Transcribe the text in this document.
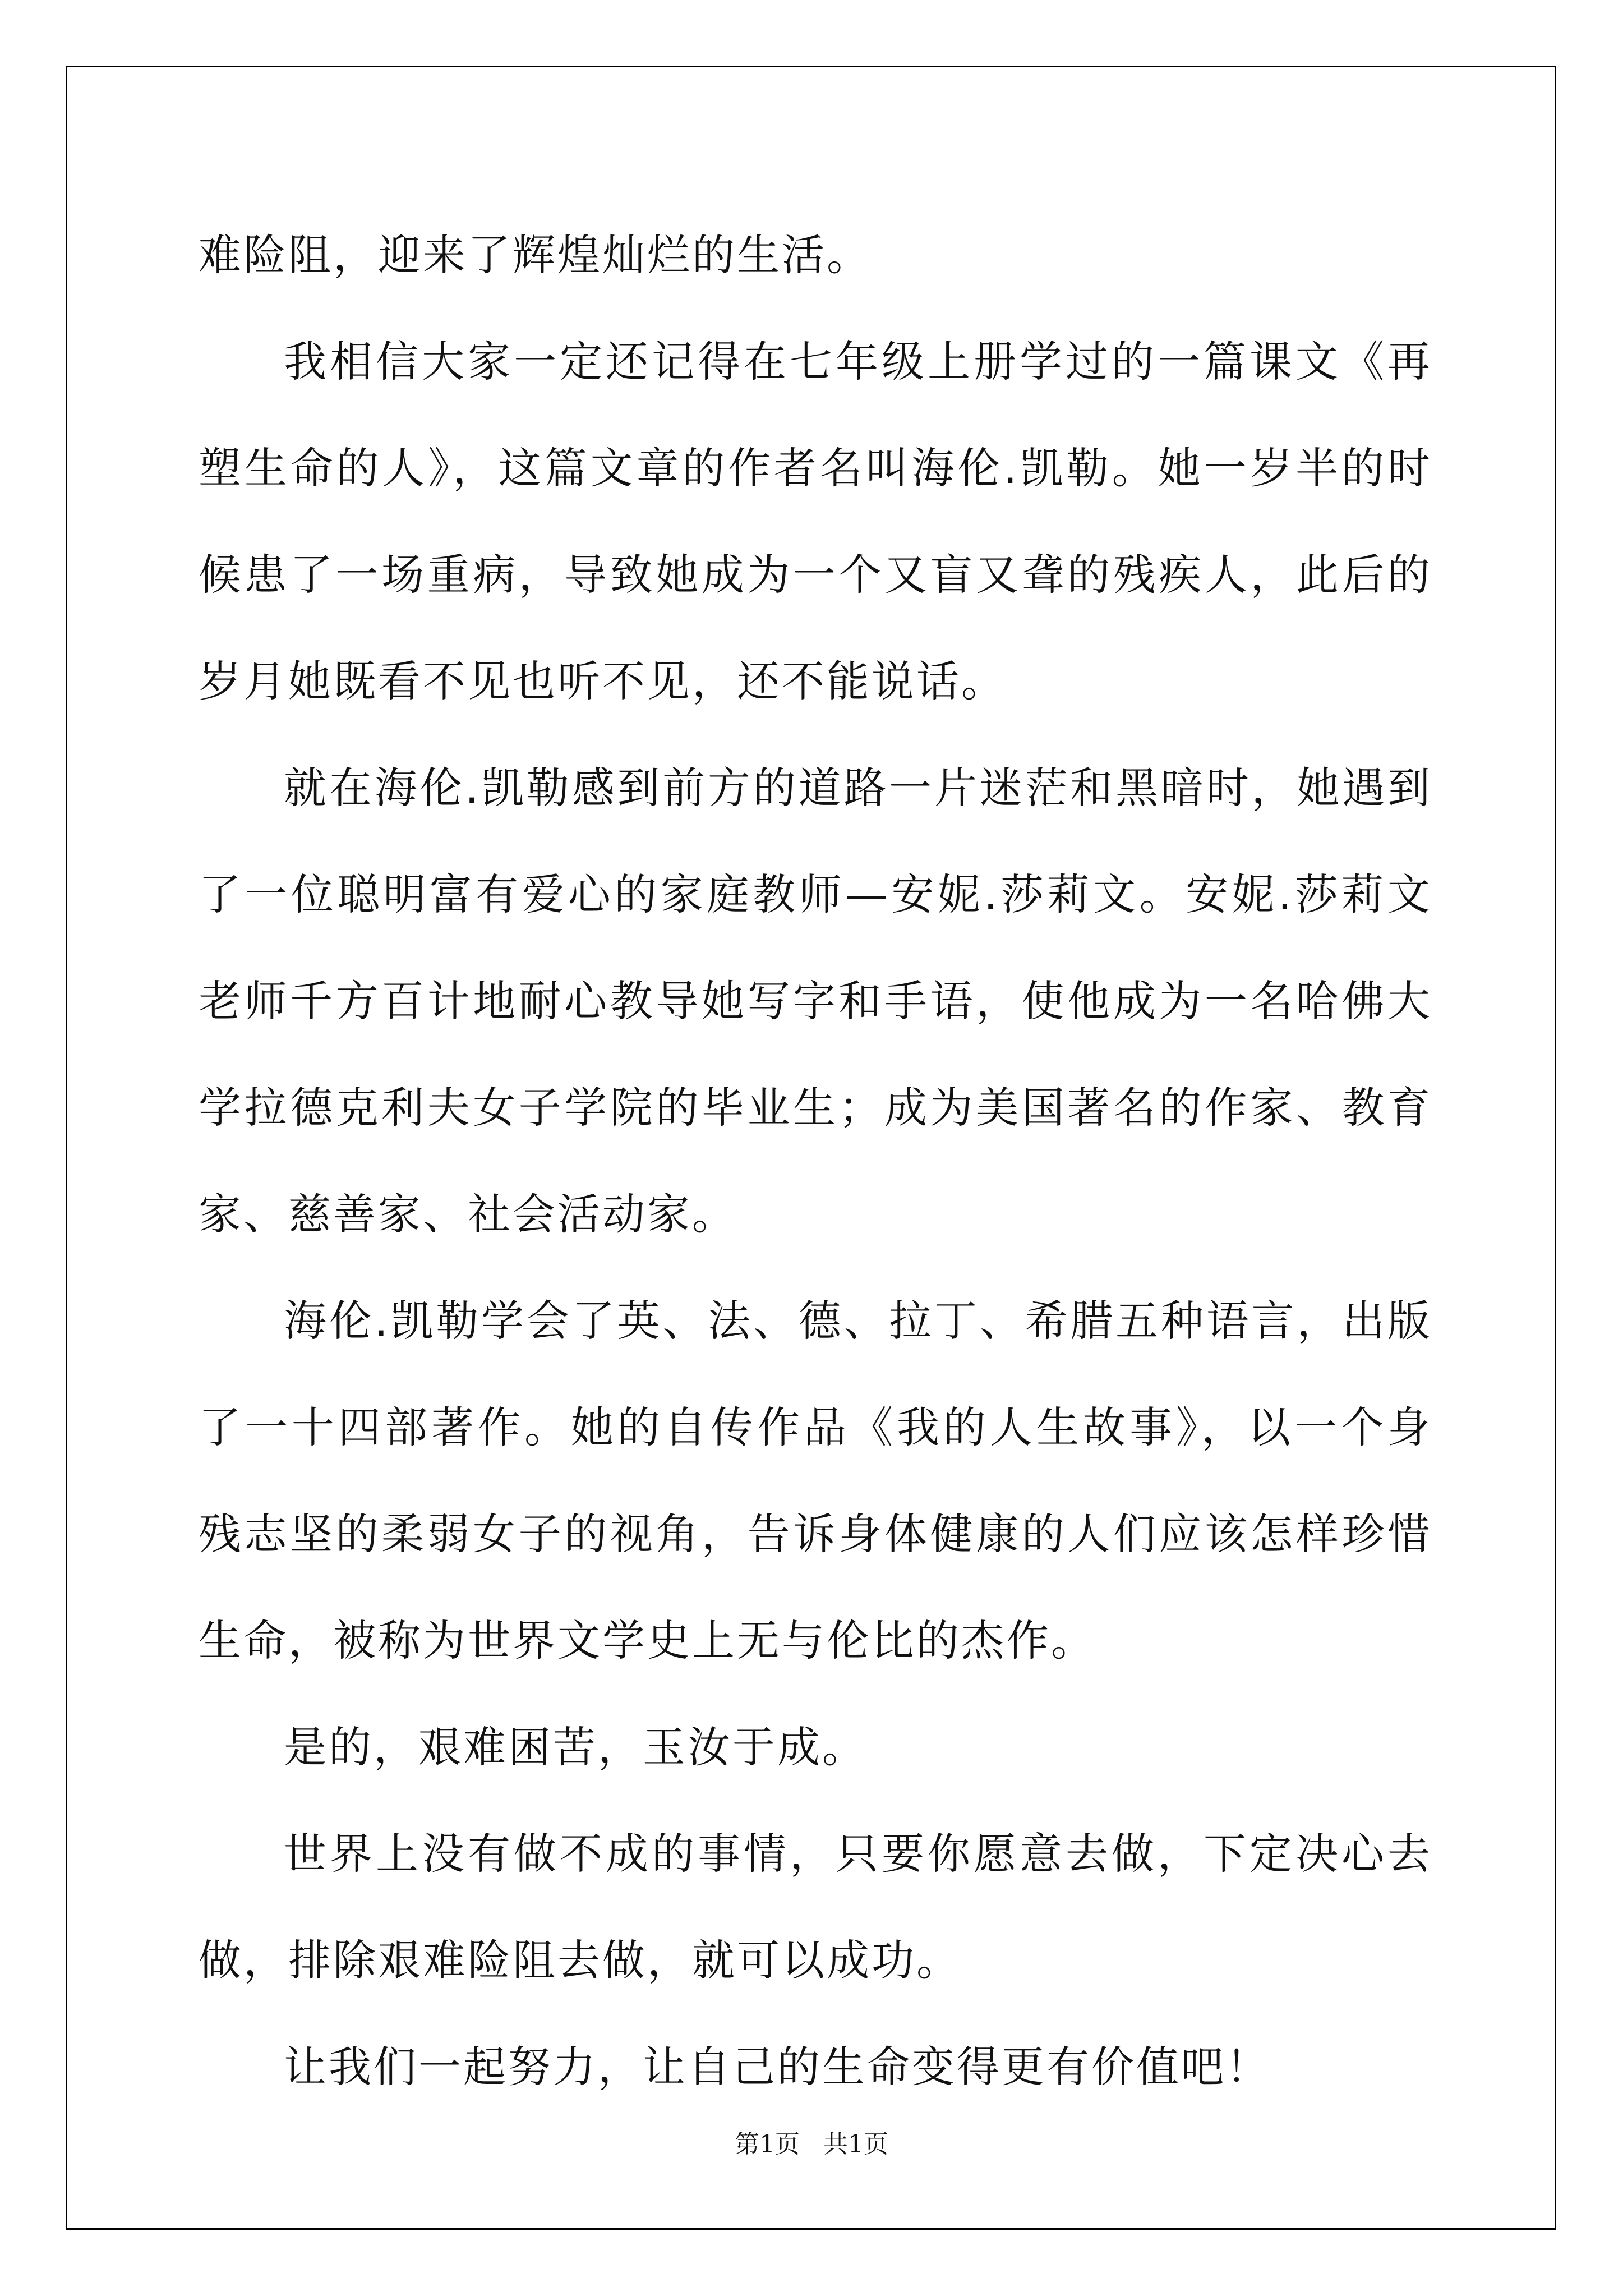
难险阻，迎来了辉煌灿烂的生活。

我相信大家一定还记得在七年级上册学过的一篇课文《再塑生命的人》，这篇文章的作者名叫海伦.凯勒。她一岁半的时候患了一场重病，导致她成为一个又盲又聋的残疾人，此后的岁月她既看不见也听不见，还不能说话。

就在海伦.凯勒感到前方的道路一片迷茫和黑暗时，她遇到了一位聪明富有爱心的家庭教师—安妮.莎莉文。安妮.莎莉文老师千方百计地耐心教导她写字和手语，使他成为一名哈佛大学拉德克利夫女子学院的毕业生；成为美国著名的作家、教育家、慈善家、社会活动家。

海伦.凯勒学会了英、法、德、拉丁、希腊五种语言，出版了一十四部著作。她的自传作品《我的人生故事》，以一个身残志坚的柔弱女子的视角，告诉身体健康的人们应该怎样珍惜生命，被称为世界文学史上无与伦比的杰作。

是的，艰难困苦，玉汝于成。

世界上没有做不成的事情，只要你愿意去做，下定决心去做，排除艰难险阻去做，就可以成功。

让我们一起努力，让自己的生命变得更有价值吧！

第1页   共1页
